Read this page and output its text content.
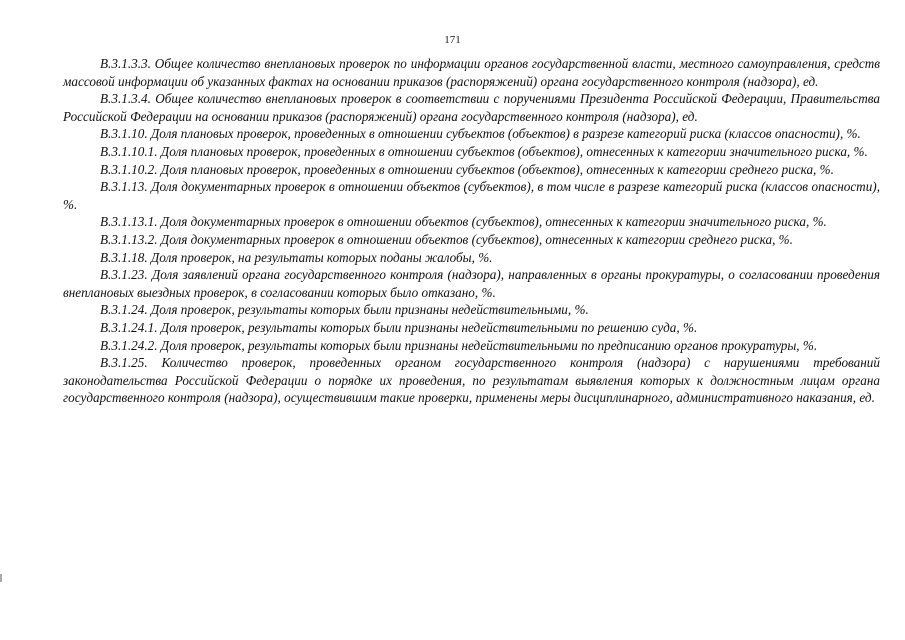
171

В.3.1.3.3. Общее количество внеплановых проверок по информации органов государственной власти, местного самоуправления, средств массовой информации об указанных фактах на основании приказов (распоряжений) органа государственного контроля (надзора), ед.

В.3.1.3.4. Общее количество внеплановых проверок в соответствии с поручениями Президента Российской Федерации, Правительства Российской Федерации на основании приказов (распоряжений) органа государственного контроля (надзора), ед.

В.3.1.10. Доля плановых проверок, проведенных в отношении субъектов (объектов) в разрезе категорий риска (классов опасности), %.

В.3.1.10.1. Доля плановых проверок, проведенных в отношении субъектов (объектов), отнесенных к категории значительного риска, %.

В.3.1.10.2. Доля плановых проверок, проведенных в отношении субъектов (объектов), отнесенных к категории среднего риска, %.

В.3.1.13. Доля документарных проверок в отношении объектов (субъектов), в том числе в разрезе категорий риска (классов опасности), %.

В.3.1.13.1. Доля документарных проверок в отношении объектов (субъектов), отнесенных к категории значительного риска, %.

В.3.1.13.2. Доля документарных проверок в отношении объектов (субъектов), отнесенных к категории среднего риска, %.

В.3.1.18. Доля проверок, на результаты которых поданы жалобы, %.

В.3.1.23. Доля заявлений органа государственного контроля (надзора), направленных в органы прокуратуры, о согласовании проведения внеплановых выездных проверок, в согласовании которых было отказано, %.

В.3.1.24. Доля проверок, результаты которых были признаны недействительными, %.

В.3.1.24.1. Доля проверок, результаты которых были признаны недействительными по решению суда, %.

В.3.1.24.2. Доля проверок, результаты которых были признаны недействительными по предписанию органов прокуратуры, %.

В.3.1.25. Количество проверок, проведенных органом государственного контроля (надзора) с нарушениями требований законодательства Российской Федерации о порядке их проведения, по результатам выявления которых к должностным лицам органа государственного контроля (надзора), осуществившим такие проверки, применены меры дисциплинарного, административного наказания, ед.
